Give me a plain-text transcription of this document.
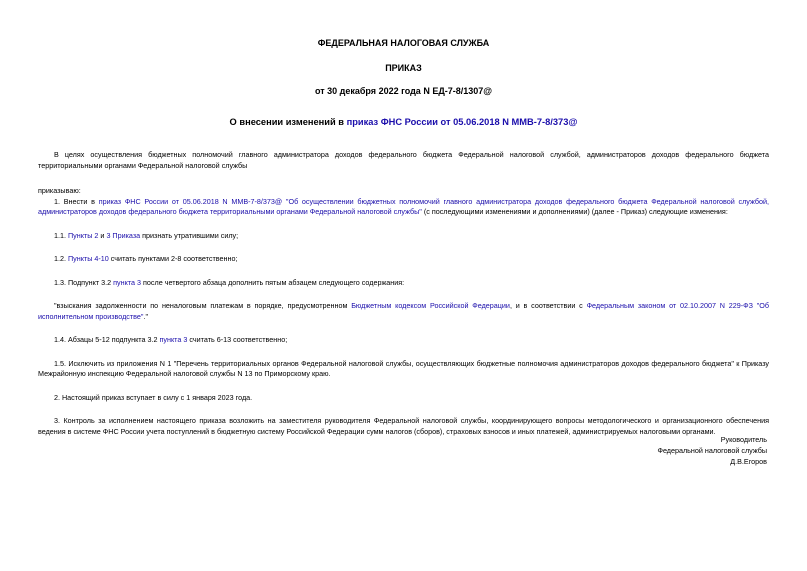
ФЕДЕРАЛЬНАЯ НАЛОГОВАЯ СЛУЖБА

ПРИКАЗ

от 30 декабря 2022 года N ЕД-7-8/1307@

О внесении изменений в приказ ФНС России от 05.06.2018 N ММВ-7-8/373@

В целях осуществления бюджетных полномочий главного администратора доходов федерального бюджета Федеральной налоговой службой, администраторов доходов федерального бюджета территориальными органами Федеральной налоговой службы

приказываю:

1. Внести в приказ ФНС России от 05.06.2018 N ММВ-7-8/373@ "Об осуществлении бюджетных полномочий главного администратора доходов федерального бюджета Федеральной налоговой службой, администраторов доходов федерального бюджета территориальными органами Федеральной налоговой службы" (с последующими изменениями и дополнениями) (далее - Приказ) следующие изменения:

1.1. Пункты 2 и 3 Приказа признать утратившими силу;

1.2. Пункты 4-10 считать пунктами 2-8 соответственно;

1.3. Подпункт 3.2 пункта 3 после четвертого абзаца дополнить пятым абзацем следующего содержания:

"взыскания задолженности по неналоговым платежам в порядке, предусмотренном Бюджетным кодексом Российской Федерации, и в соответствии с Федеральным законом от 02.10.2007 N 229-ФЗ "Об исполнительном производстве"."

1.4. Абзацы 5-12 подпункта 3.2 пункта 3 считать 6-13 соответственно;

1.5. Исключить из приложения N 1 "Перечень территориальных органов Федеральной налоговой службы, осуществляющих бюджетные полномочия администраторов доходов федерального бюджета" к Приказу Межрайонную инспекцию Федеральной налоговой службы N 13 по Приморскому краю.

2. Настоящий приказ вступает в силу с 1 января 2023 года.

3. Контроль за исполнением настоящего приказа возложить на заместителя руководителя Федеральной налоговой службы, координирующего вопросы методологического и организационного обеспечения ведения в системе ФНС России учета поступлений в бюджетную систему Российской Федерации сумм налогов (сборов), страховых взносов и иных платежей, администрируемых налоговыми органами.

Руководитель
Федеральной налоговой службы
Д.В.Егоров
